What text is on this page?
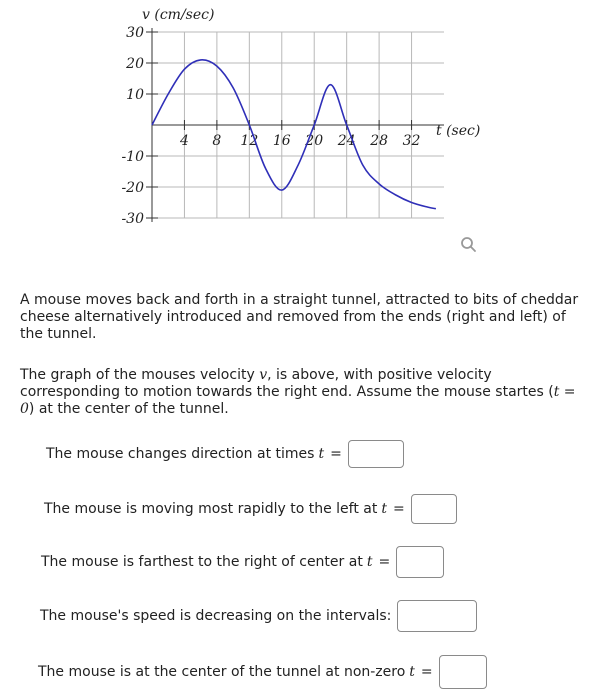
30
20
10
-10
-20
-30
4 8 12 16 20 24 28 32
v (cm/sec)
t (sec)

A mouse moves back and forth in a straight tunnel, attracted to bits of cheddar cheese alternatively introduced and removed from the ends (right and left) of the tunnel.

The graph of the mouses velocity v, is above, with positive velocity corresponding to motion towards the right end. Assume the mouse startes (t = 0) at the center of the tunnel.

The mouse changes direction at times t =
The mouse is moving most rapidly to the left at t =
The mouse is farthest to the right of center at t =
The mouse's speed is decreasing on the intervals:
The mouse is at the center of the tunnel at non-zero t =
